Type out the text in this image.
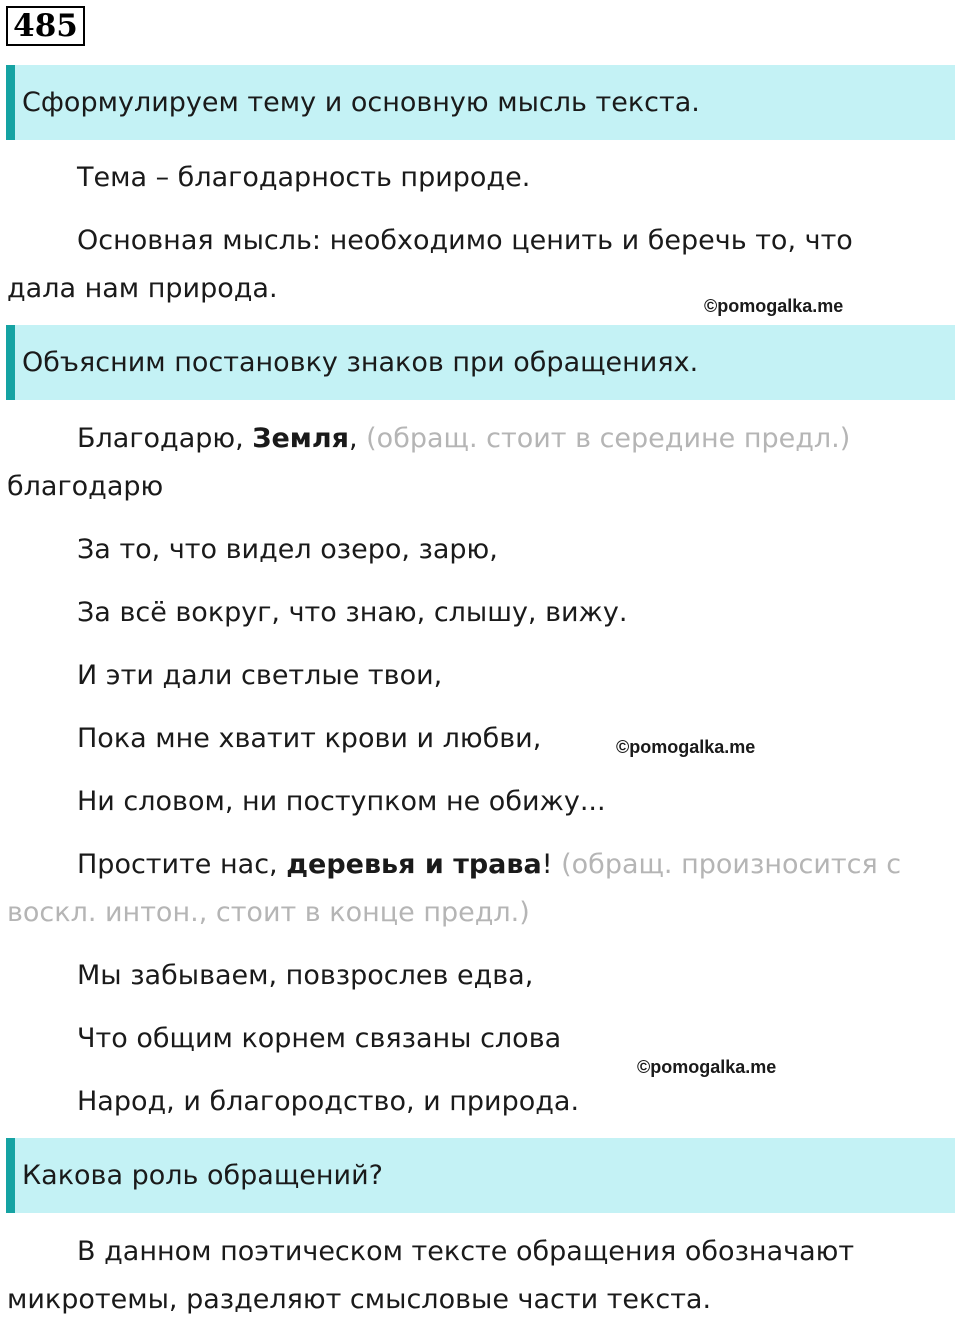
485
Сформулируем тему и основную мысль текста.
Тема – благодарность природе.
Основная мысль: необходимо ценить и беречь то, что
дала нам природа.
©pomogalka.me
Объясним постановку знаков при обращениях.
Благодарю, Земля, (обращ. стоит в середине предл.)
благодарю
За то, что видел озеро, зарю,
За всё вокруг, что знаю, слышу, вижу.
И эти дали светлые твои,
Пока мне хватит крови и любви,	©pomogalka.me
Ни словом, ни поступком не обижу...
Простите нас, деревья и трава! (обращ. произносится с
воскл. интон., стоит в конце предл.)
Мы забываем, повзрослев едва,
Что общим корнем связаны слова
©pomogalka.me
Народ, и благородство, и природа.
Какова роль обращений?
В данном поэтическом тексте обращения обозначают
микротемы, разделяют смысловые части текста.
